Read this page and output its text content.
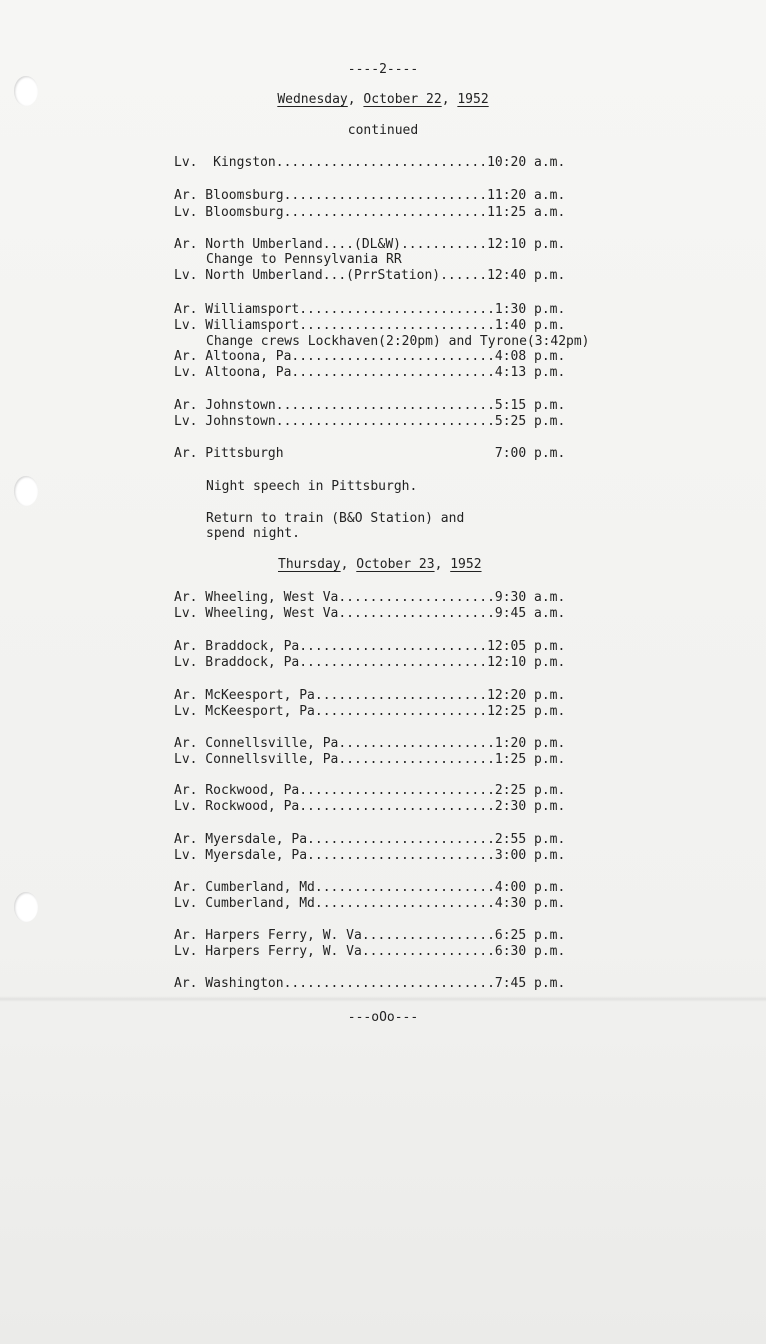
----2----
Wednesday, October 22, 1952
continued
Lv.  Kingston...........................10:20 a.m.
Ar. Bloomsburg..........................11:20 a.m.
Lv. Bloomsburg..........................11:25 a.m.
Ar. North Umberland....(DL&W)...........12:10 p.m.
Change to Pennsylvania RR
Lv. North Umberland...(PrrStation)......12:40 p.m.
Ar. Williamsport.........................1:30 p.m.
Lv. Williamsport.........................1:40 p.m.
Change crews Lockhaven(2:20pm) and Tyrone(3:42pm)
Ar. Altoona, Pa..........................4:08 p.m.
Lv. Altoona, Pa..........................4:13 p.m.
Ar. Johnstown............................5:15 p.m.
Lv. Johnstown............................5:25 p.m.
Ar. Pittsburgh                           7:00 p.m.
Night speech in Pittsburgh.
Return to train (B&O Station) and
spend night.
Thursday, October 23, 1952
Ar. Wheeling, West Va....................9:30 a.m.
Lv. Wheeling, West Va....................9:45 a.m.
Ar. Braddock, Pa........................12:05 p.m.
Lv. Braddock, Pa........................12:10 p.m.
Ar. McKeesport, Pa......................12:20 p.m.
Lv. McKeesport, Pa......................12:25 p.m.
Ar. Connellsville, Pa....................1:20 p.m.
Lv. Connellsville, Pa....................1:25 p.m.
Ar. Rockwood, Pa.........................2:25 p.m.
Lv. Rockwood, Pa.........................2:30 p.m.
Ar. Myersdale, Pa........................2:55 p.m.
Lv. Myersdale, Pa........................3:00 p.m.
Ar. Cumberland, Md.......................4:00 p.m.
Lv. Cumberland, Md.......................4:30 p.m.
Ar. Harpers Ferry, W. Va.................6:25 p.m.
Lv. Harpers Ferry, W. Va.................6:30 p.m.
Ar. Washington...........................7:45 p.m.
---oOo---
